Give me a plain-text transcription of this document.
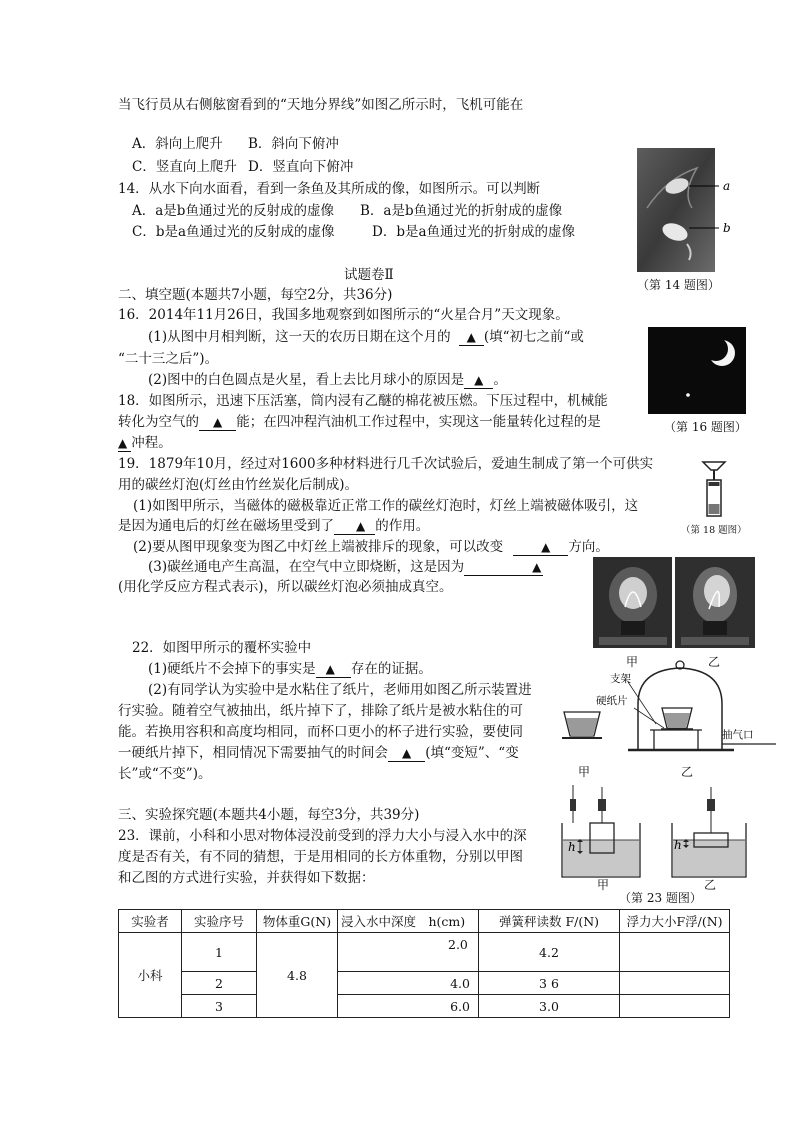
当飞行员从右侧舷窗看到的“天地分界线”如图乙所示时，飞机可能在
A．斜向上爬升 B．斜向下俯冲
C．竖直向上爬升 D．竖直向下俯冲
14．从水下向水面看，看到一条鱼及其所成的像，如图所示。可以判断
A．a是b鱼通过光的反射成的虚像 B．a是b鱼通过光的折射成的虚像
C．b是a鱼通过光的反射成的虚像	D．b是a鱼通过光的折射成的虚像
a
b
（第 14 题图）
试题卷Ⅱ
二、填空题(本题共7小题，每空2分，共36分)
16．2014年11月26日，我国多地观察到如图所示的“火星合月”天文现象。
(1)从图中月相判断，这一天的农历日期在这个月的 ▲ (填“初七之前“或
“二十三之后”)。
(2)图中的白色圆点是火星，看上去比月球小的原因是 ▲ 。
（第 16 题图）
18．如图所示，迅速下压活塞，筒内浸有乙醚的棉花被压燃。下压过程中，机械能
转化为空气的 ▲ 能；在四冲程汽油机工作过程中，实现这一能量转化过程的是
▲ 冲程。
（第 18 题图）
19．1879年10月，经过对1600多种材料进行几千次试验后，爱迪生制成了第一个可供实
用的碳丝灯泡(灯丝由竹丝炭化后制成)。
(1)如图甲所示，当磁体的磁极靠近正常工作的碳丝灯泡时，灯丝上端被磁体吸引，这
是因为通电后的灯丝在磁场里受到了 ▲ 的作用。
(2)要从图甲现象变为图乙中灯丝上端被排斥的现象，可以改变	▲ 方向。
(3)碳丝通电产生高温，在空气中立即烧断，这是因为	▲
(用化学反应方程式表示)，所以碳丝灯泡必须抽成真空。
甲	乙
22．如图甲所示的覆杯实验中
(1)硬纸片不会掉下的事实是 ▲ 存在的证据。
(2)有同学认为实验中是水粘住了纸片，老师用如图乙所示装置进
行实验。随着空气被抽出，纸片掉下了，排除了纸片是被水粘住的可
能。若换用容积和高度均相同，而杯口更小的杯子进行实验，要使同
一硬纸片掉下，相同情况下需要抽气的时间会 ▲ (填“变短”、“变
长”或“不变”)。
支架
硬纸片
抽气口
甲	乙
三、实验探究题(本题共4小题，每空3分，共39分)
23．课前，小科和小思对物体浸没前受到的浮力大小与浸入水中的深
度是否有关，有不同的猜想，于是用相同的长方体重物，分别以甲图
和乙图的方式进行实验，并获得如下数据：
h	h
甲	乙
（第 23 题图）
实验者	实验序号	物体重G(N)	浸入水中深度　h(cm)	弹簧秤读数 F/(N)	浮力大小F浮/(N)
小科	1	4.8	2.0	4.2	
	2		4.0	3 6	
	3		6.0	3.0	
